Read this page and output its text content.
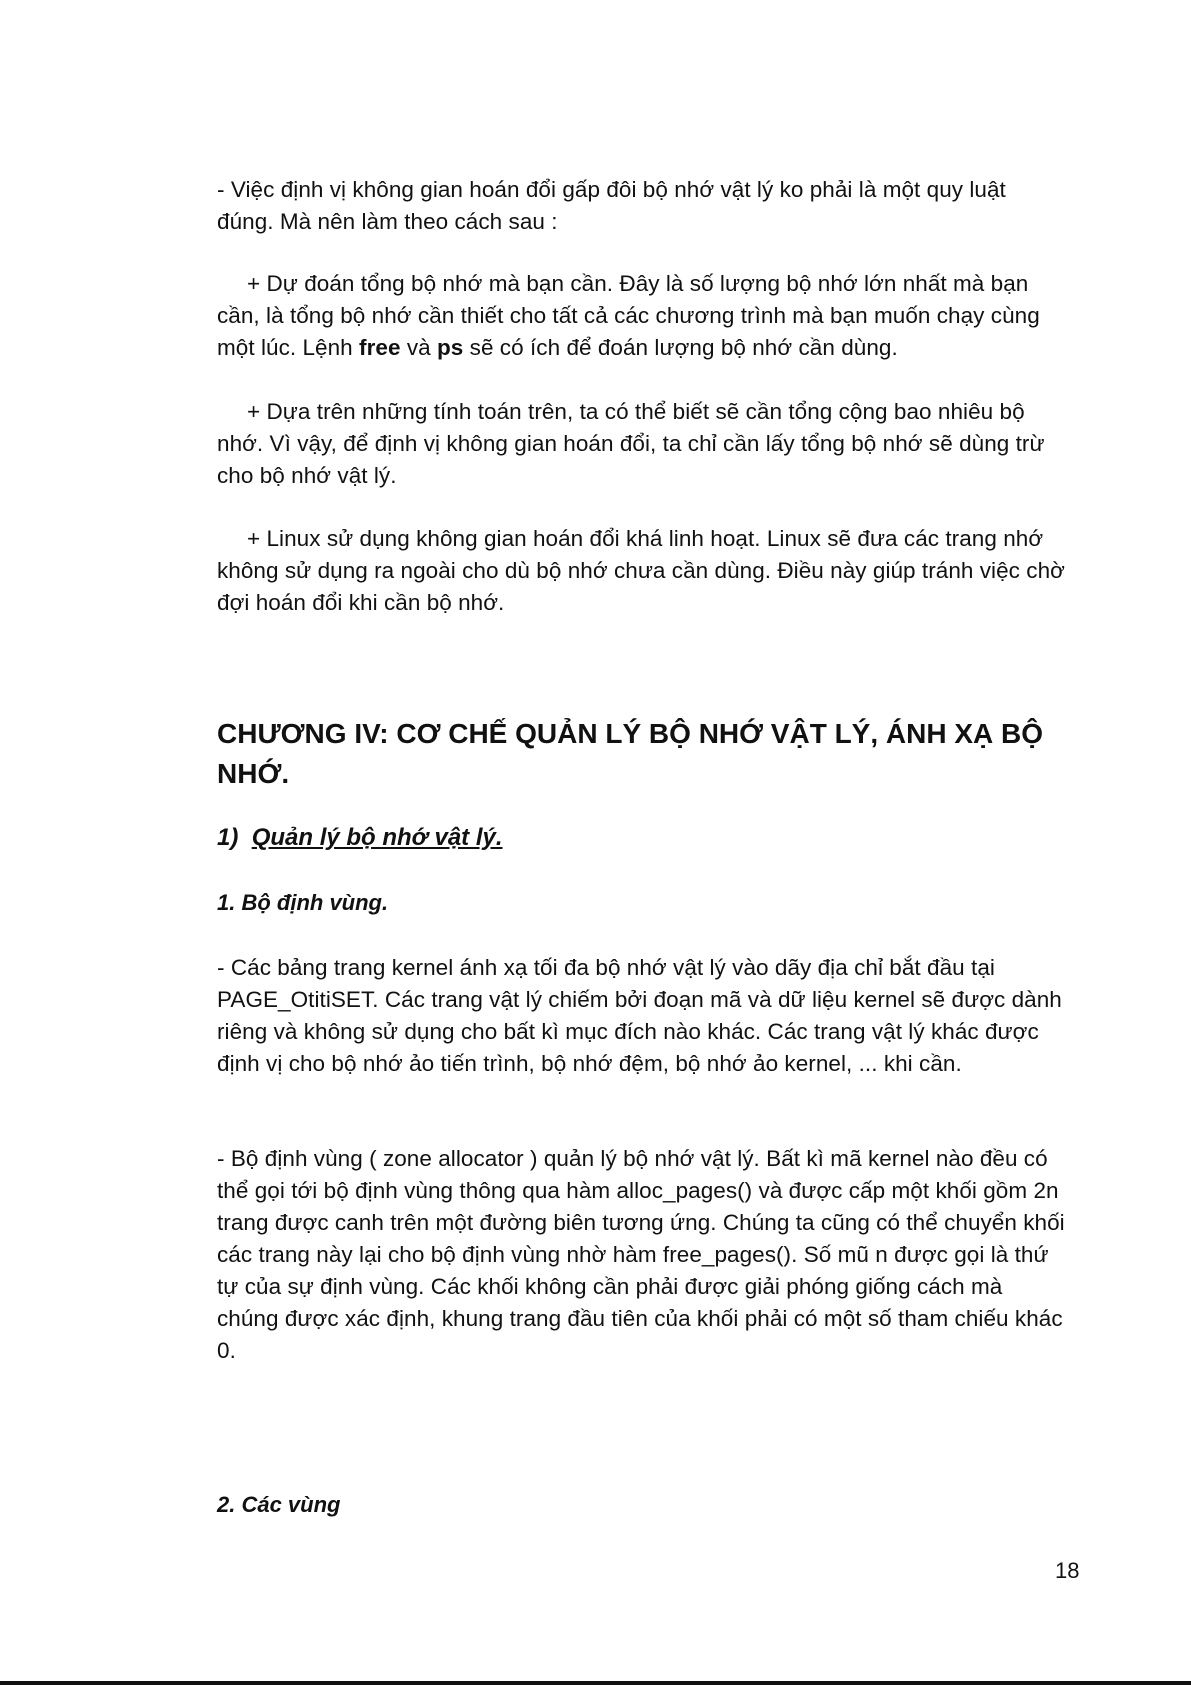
- Việc định vị không gian hoán đổi gấp đôi bộ nhớ vật lý ko phải là một quy luật đúng. Mà nên làm theo cách sau :

+ Dự đoán tổng bộ nhớ mà bạn cần. Đây là số lượng bộ nhớ lớn nhất mà bạn cần, là tổng bộ nhớ cần thiết cho tất cả các chương trình mà bạn muốn chạy cùng một lúc. Lệnh free và ps sẽ có ích để đoán lượng bộ nhớ cần dùng.

+ Dựa trên những tính toán trên, ta có thể biết sẽ cần tổng cộng bao nhiêu bộ nhớ. Vì vậy, để định vị không gian hoán đổi, ta chỉ cần lấy tổng bộ nhớ sẽ dùng trừ cho bộ nhớ vật lý.

+ Linux sử dụng không gian hoán đổi khá linh hoạt. Linux sẽ đưa các trang nhớ không sử dụng ra ngoài cho dù bộ nhớ chưa cần dùng. Điều này giúp tránh việc chờ đợi hoán đổi khi cần bộ nhớ.

CHƯƠNG IV: CƠ CHẾ QUẢN LÝ BỘ NHỚ VẬT LÝ, ÁNH XẠ BỘ NHỚ.
1) Quản lý bộ nhớ vật lý.
1. Bộ định vùng.

- Các bảng trang kernel ánh xạ tối đa bộ nhớ vật lý vào dãy địa chỉ bắt đầu tại PAGE_OtitiSET. Các trang vật lý chiếm bởi đoạn mã và dữ liệu kernel sẽ được dành riêng và không sử dụng cho bất kì mục đích nào khác. Các trang vật lý khác được định vị cho bộ nhớ ảo tiến trình, bộ nhớ đệm, bộ nhớ ảo kernel, ... khi cần.

- Bộ định vùng ( zone allocator ) quản lý bộ nhớ vật lý. Bất kì mã kernel nào đều có thể gọi tới bộ định vùng thông qua hàm alloc_pages() và được cấp một khối gồm 2n trang được canh trên một đường biên tương ứng. Chúng ta cũng có thể chuyển khối các trang này lại cho bộ định vùng nhờ hàm free_pages(). Số mũ n được gọi là thứ tự của sự định vùng. Các khối không cần phải được giải phóng giống cách mà chúng được xác định, khung trang đầu tiên của khối phải có một số tham chiếu khác 0.

2. Các vùng
18
